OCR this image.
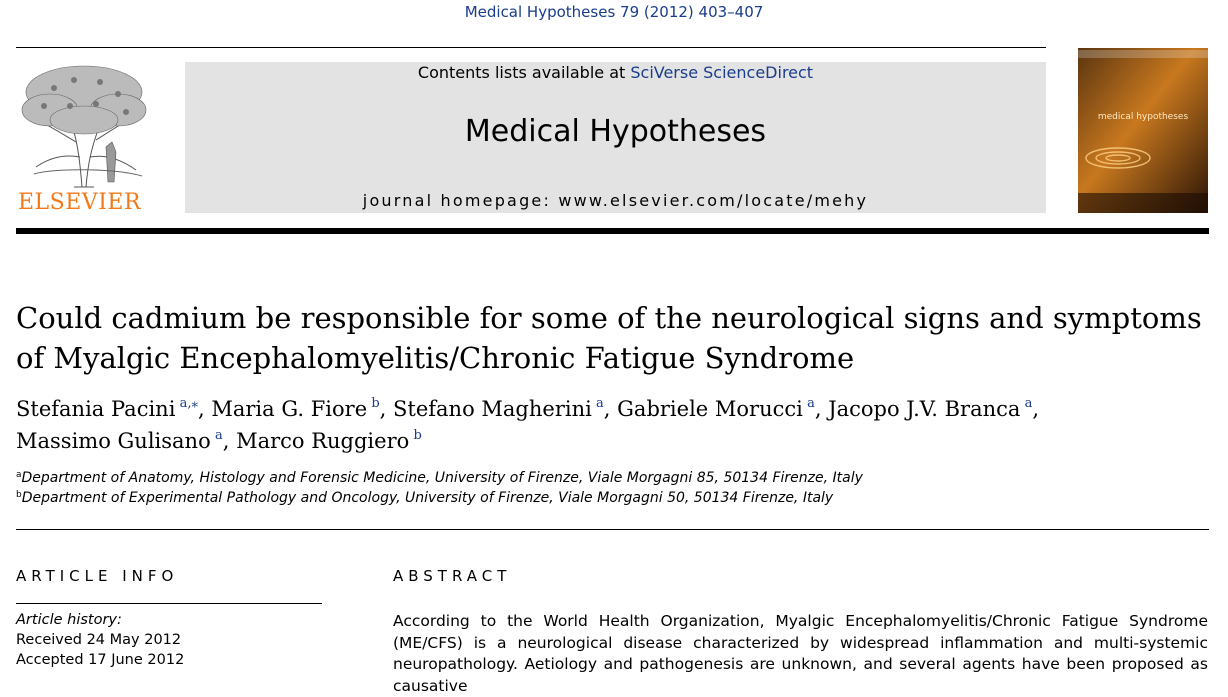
Medical Hypotheses 79 (2012) 403–407
ELSEVIER
Contents lists available at SciVerse ScienceDirect
Medical Hypotheses
journal homepage: www.elsevier.com/locate/mehy
medical hypotheses
Could cadmium be responsible for some of the neurological signs and symptoms of Myalgic Encephalomyelitis/Chronic Fatigue Syndrome
Stefania Pacini  $^{a,⁎}$, Maria G. Fiore  $^b$, Stefano Magherini  $^a$, Gabriele Morucci  $^a$, Jacopo J.V. Branca  $^a$,
Massimo Gulisano  $^a$, Marco Ruggiero  $^b$
$^a$Department of Anatomy, Histology and Forensic Medicine, University of Firenze, Viale Morgagni 85, 50134 Firenze, Italy
$^b$Department of Experimental Pathology and Oncology, University of Firenze, Viale Morgagni 50, 50134 Firenze, Italy
ARTICLE INFO
Article history:
Received 24 May 2012
Accepted 17 June 2012
ABSTRACT
According to the World Health Organization, Myalgic Encephalomyelitis/Chronic Fatigue Syndrome (ME/CFS) is a neurological disease characterized by widespread inflammation and multi-systemic neuropathology. Aetiology and pathogenesis are unknown, and several agents have been proposed as causative
